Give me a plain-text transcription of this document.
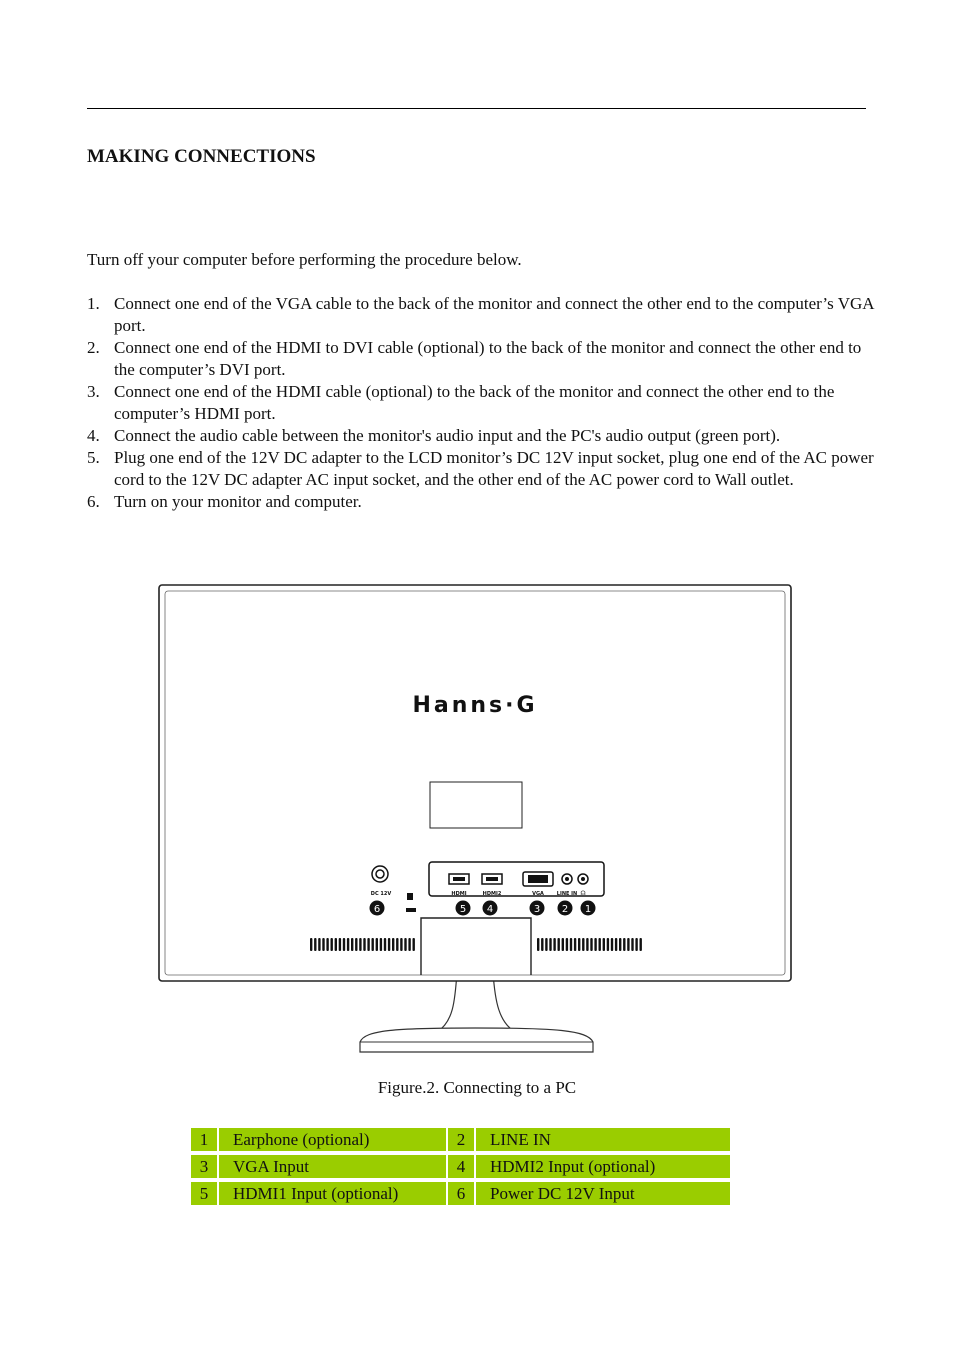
MAKING CONNECTIONS

Turn off your computer before performing the procedure below.

1. Connect one end of the VGA cable to the back of the monitor and connect the other end to the computer’s VGA port.
2. Connect one end of the HDMI to DVI cable (optional) to the back of the monitor and connect the other end to the computer’s DVI port.
3. Connect one end of the HDMI cable (optional) to the back of the monitor and connect the other end to the computer’s HDMI port.
4. Connect the audio cable between the monitor's audio input and the PC's audio output (green port).
5. Plug one end of the 12V DC adapter to the LCD monitor’s DC 12V input socket, plug one end of the AC power cord to the 12V DC adapter AC input socket, and the other end of the AC power cord to Wall outlet.
6. Turn on your monitor and computer.
Hanns·G
DC 12V	HDMI	HDMI2	VGA	LINE IN ☊
6	5 4	3 2 1

Figure.2. Connecting to a PC

1	Earphone (optional)	2	LINE IN
3	VGA Input	4	HDMI2 Input (optional)
5	HDMI1 Input (optional)	6	Power DC 12V Input
